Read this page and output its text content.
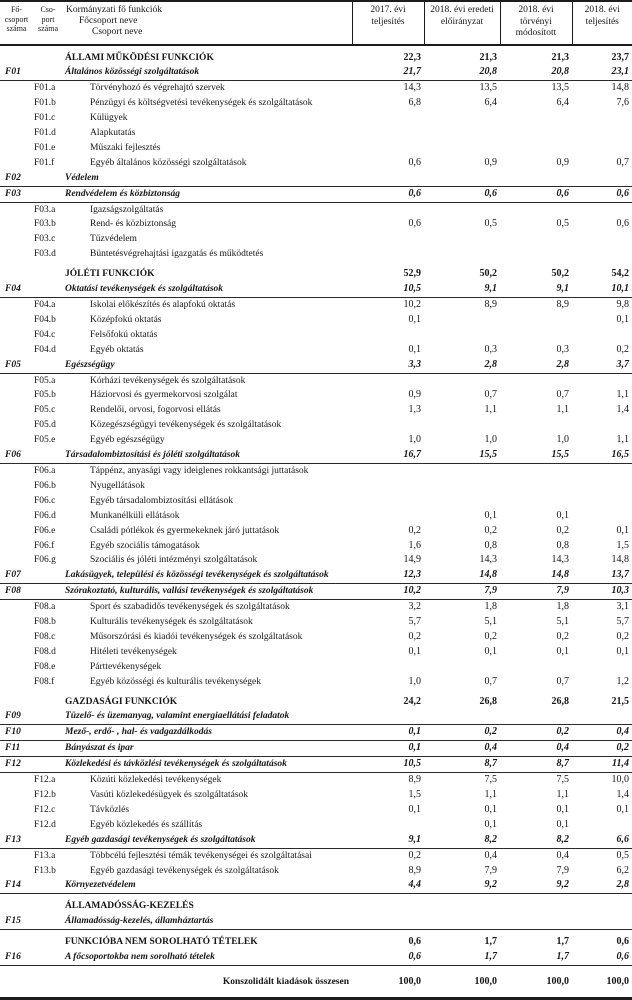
Fő-
csoport
száma

Cso-
port
száma

Kormányzati fő funkciók
Főcsoport neve
Csoport neve
	2017. évi teljesítés	2018. évi eredeti előirányzat	2018. évi törvényi módosított	2018. évi teljesítés
		ÁLLAMI MŰKÖDÉSI FUNKCIÓK	22,3	21,3	21,3	23,7
F01		Általános közösségi szolgáltatások	21,7	20,8	20,8	23,1
	F01.a	Törvényhozó és végrehajtó szervek	14,3	13,5	13,5	14,8
	F01.b	Pénzügyi és költségvetési tevékenységek és szolgáltatások	6,8	6,4	6,4	7,6
	F01.c	Külügyek				
	F01.d	Alapkutatás				
	F01.e	Műszaki fejlesztés				
	F01.f	Egyéb általános közösségi szolgáltatások	0,6	0,9	0,9	0,7
F02		Védelem				
F03		Rendvédelem és közbiztonság	0,6	0,6	0,6	0,6
	F03.a	Igazságszolgáltatás				
	F03.b	Rend- és közbiztonság	0,6	0,5	0,5	0,6
	F03.c	Tűzvédelem				
	F03.d	Büntetésvégrehajtási igazgatás és működtetés				
		JÓLÉTI FUNKCIÓK	52,9	50,2	50,2	54,2
F04		Oktatási tevékenységek és szolgáltatások	10,5	9,1	9,1	10,1
	F04.a	Iskolai előkészítés és alapfokú oktatás	10,2	8,9	8,9	9,8
	F04.b	Középfokú oktatás	0,1			0,1
	F04.c	Felsőfokú oktatás				
	F04.d	Egyéb oktatás	0,1	0,3	0,3	0,2
F05		Egészségügy	3,3	2,8	2,8	3,7
	F05.a	Kórházi tevékenységek és szolgáltatások				
	F05.b	Háziorvosi és gyermekorvosi szolgálat	0,9	0,7	0,7	1,1
	F05.c	Rendelői, orvosi, fogorvosi ellátás	1,3	1,1	1,1	1,4
	F05.d	Közegészségügyi tevékenységek és szolgáltatások				
	F05.e	Egyéb egészségügy	1,0	1,0	1,0	1,1
F06		Társadalombiztosítási és jóléti szolgáltatások	16,7	15,5	15,5	16,5
	F06.a	Táppénz, anyasági vagy ideiglenes rokkantsági juttatások				
	F06.b	Nyugellátások				
	F06.c	Egyéb társadalombiztosítási ellátások				
	F06.d	Munkanélküli ellátások		0,1	0,1	
	F06.e	Családi pótlékok és gyermekeknek járó juttatások	0,2	0,2	0,2	0,1
	F06.f	Egyéb szociális támogatások	1,6	0,8	0,8	1,5
	F06.g	Szociális és jóléti intézményi szolgáltatások	14,9	14,3	14,3	14,8
F07		Lakásügyek, települési és közösségi tevékenységek és szolgáltatások	12,3	14,8	14,8	13,7
F08		Szórakoztató, kulturális, vallási tevékenységek és szolgáltatások	10,2	7,9	7,9	10,3
	F08.a	Sport és szabadidős tevékenységek és szolgáltatások	3,2	1,8	1,8	3,1
	F08.b	Kulturális tevékenységek és szolgáltatások	5,7	5,1	5,1	5,7
	F08.c	Műsorszórási és kiadói tevékenységek és szolgáltatások	0,2	0,2	0,2	0,2
	F08.d	Hitéleti tevékenységek	0,1	0,1	0,1	0,1
	F08.e	Párttevékenységek				
	F08.f	Egyéb közösségi és kulturális tevékenységek	1,0	0,7	0,7	1,2
		GAZDASÁGI FUNKCIÓK	24,2	26,8	26,8	21,5
F09		Tüzelő- és üzemanyag, valamint energiaellátási feladatok				
F10		Mező-, erdő- , hal- és vadgazdálkodás	0,1	0,2	0,2	0,4
F11		Bányászat és ipar	0,1	0,4	0,4	0,2
F12		Közlekedési és távközlési tevékenységek és szolgáltatások	10,5	8,7	8,7	11,4
	F12.a	Közúti közlekedési tevékenységek	8,9	7,5	7,5	10,0
	F12.b	Vasúti közlekedésügyek és szolgáltatások	1,5	1,1	1,1	1,4
	F12.c	Távközlés	0,1	0,1	0,1	0,1
	F12.d	Egyéb közlekedés és szállítás		0,1	0,1	
F13		Egyéb gazdasági tevékenységek és szolgáltatások	9,1	8,2	8,2	6,6
	F13.a	Többcélú fejlesztési témák tevékenységei és szolgáltatásai	0,2	0,4	0,4	0,5
	F13.b	Egyéb gazdasági tevékenységek és szolgáltatások	8,9	7,9	7,9	6,2
F14		Környezetvédelem	4,4	9,2	9,2	2,8
		ÁLLAMADÓSSÁG-KEZELÉS				
F15		Államadósság-kezelés, államháztartás				
		FUNKCIÓBA NEM SOROLHATÓ TÉTELEK	0,6	1,7	1,7	0,6
F16		A főcsoportokba nem sorolható tételek	0,6	1,7	1,7	0,6
		Konszolidált kiadások összesen	100,0	100,0	100,0	100,0
